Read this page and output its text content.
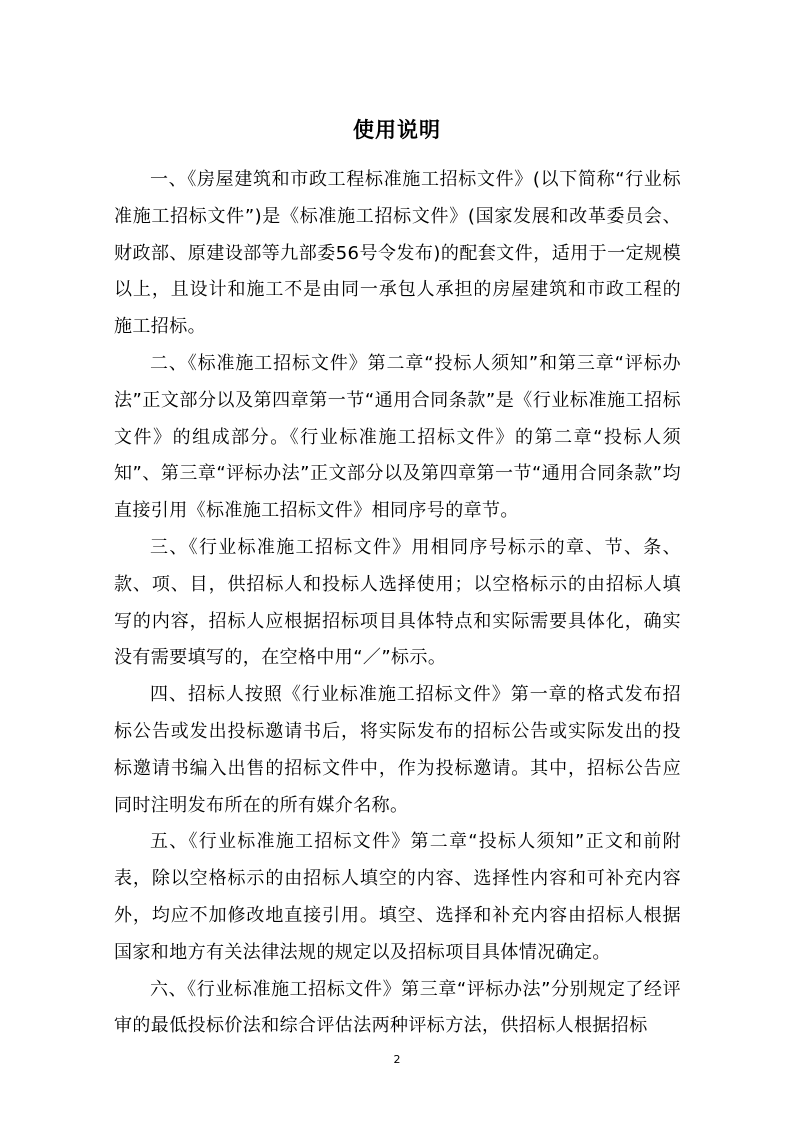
使用说明

一、《房屋建筑和市政工程标准施工招标文件》(以下简称“行业标准施工招标文件”)是《标准施工招标文件》(国家发展和改革委员会、财政部、原建设部等九部委56号令发布)的配套文件，适用于一定规模以上，且设计和施工不是由同一承包人承担的房屋建筑和市政工程的施工招标。

二、《标准施工招标文件》第二章“投标人须知”和第三章“评标办法”正文部分以及第四章第一节“通用合同条款”是《行业标准施工招标文件》的组成部分。《行业标准施工招标文件》的第二章“投标人须知”、第三章“评标办法”正文部分以及第四章第一节“通用合同条款”均直接引用《标准施工招标文件》相同序号的章节。

三、《行业标准施工招标文件》用相同序号标示的章、节、条、款、项、目，供招标人和投标人选择使用；以空格标示的由招标人填写的内容，招标人应根据招标项目具体特点和实际需要具体化，确实没有需要填写的，在空格中用“／”标示。

四、招标人按照《行业标准施工招标文件》第一章的格式发布招标公告或发出投标邀请书后，将实际发布的招标公告或实际发出的投标邀请书编入出售的招标文件中，作为投标邀请。其中，招标公告应同时注明发布所在的所有媒介名称。

五、《行业标准施工招标文件》第二章“投标人须知”正文和前附表，除以空格标示的由招标人填空的内容、选择性内容和可补充内容外，均应不加修改地直接引用。填空、选择和补充内容由招标人根据国家和地方有关法律法规的规定以及招标项目具体情况确定。

六、《行业标准施工招标文件》第三章“评标办法”分别规定了经评审的最低投标价法和综合评估法两种评标方法，供招标人根据招标

2
